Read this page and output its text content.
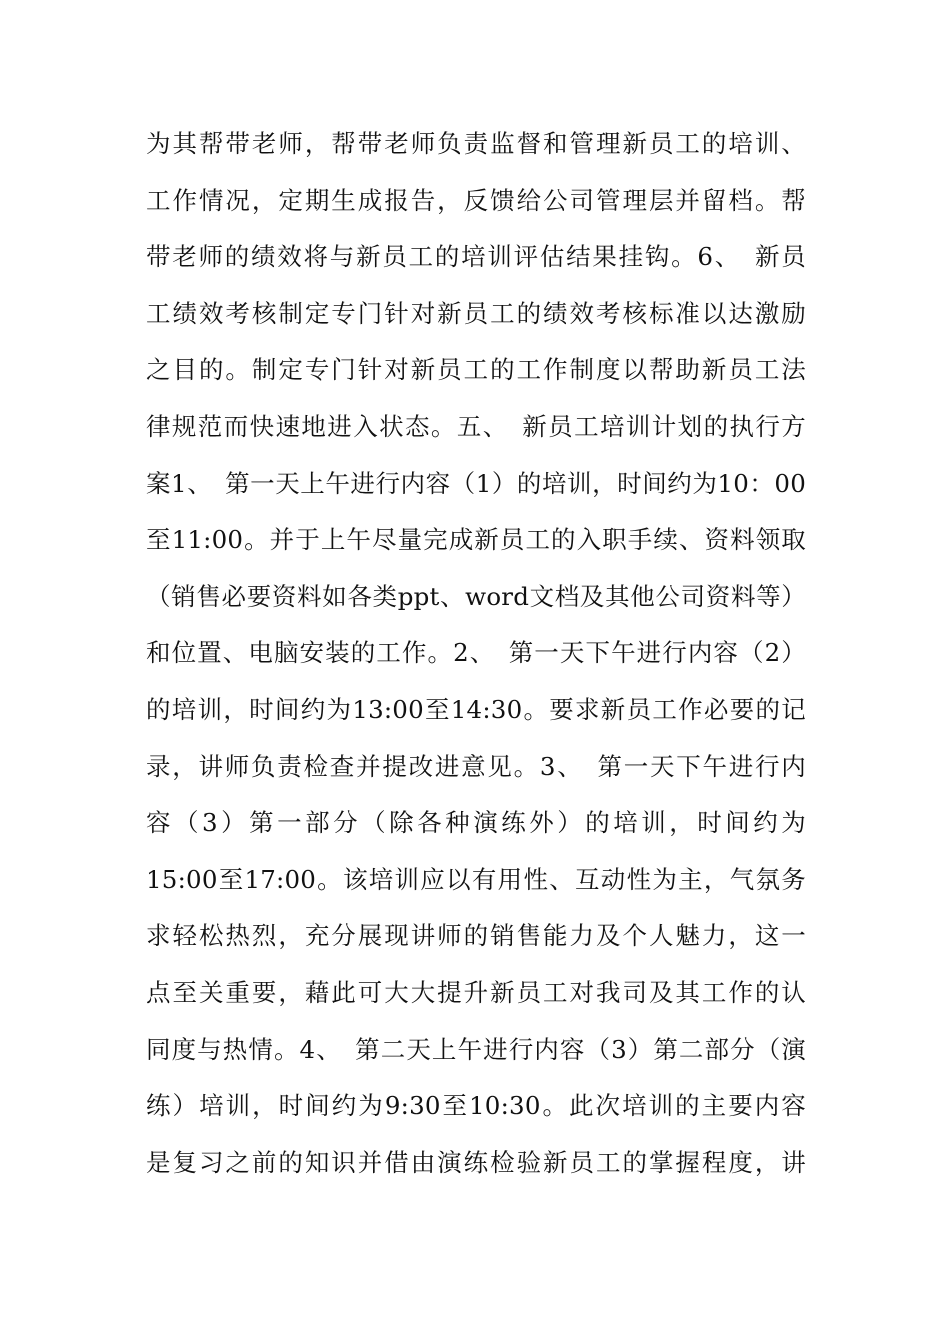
为其帮带老师，帮带老师负责监督和管理新员工的培训、
工作情况，定期生成报告，反馈给公司管理层并留档。帮
带老师的绩效将与新员工的培训评估结果挂钩。6、　新员
工绩效考核制定专门针对新员工的绩效考核标准以达激励
之目的。制定专门针对新员工的工作制度以帮助新员工法
律规范而快速地进入状态。五、　新员工培训计划的执行方
案1、　第一天上午进行内容（1）的培训，时间约为10：00
至11:00。并于上午尽量完成新员工的入职手续、资料领取
（销售必要资料如各类ppt、word文档及其他公司资料等）
和位置、电脑安装的工作。2、　第一天下午进行内容（2）
的培训，时间约为13:00至14:30。要求新员工作必要的记
录，讲师负责检查并提改进意见。3、　第一天下午进行内
容（3）第一部分（除各种演练外）的培训，时间约为
15:00至17:00。该培训应以有用性、互动性为主，气氛务
求轻松热烈，充分展现讲师的销售能力及个人魅力，这一
点至关重要，藉此可大大提升新员工对我司及其工作的认
同度与热情。4、　第二天上午进行内容（3）第二部分（演
练）培训，时间约为9:30至10:30。此次培训的主要内容
是复习之前的知识并借由演练检验新员工的掌握程度，讲
